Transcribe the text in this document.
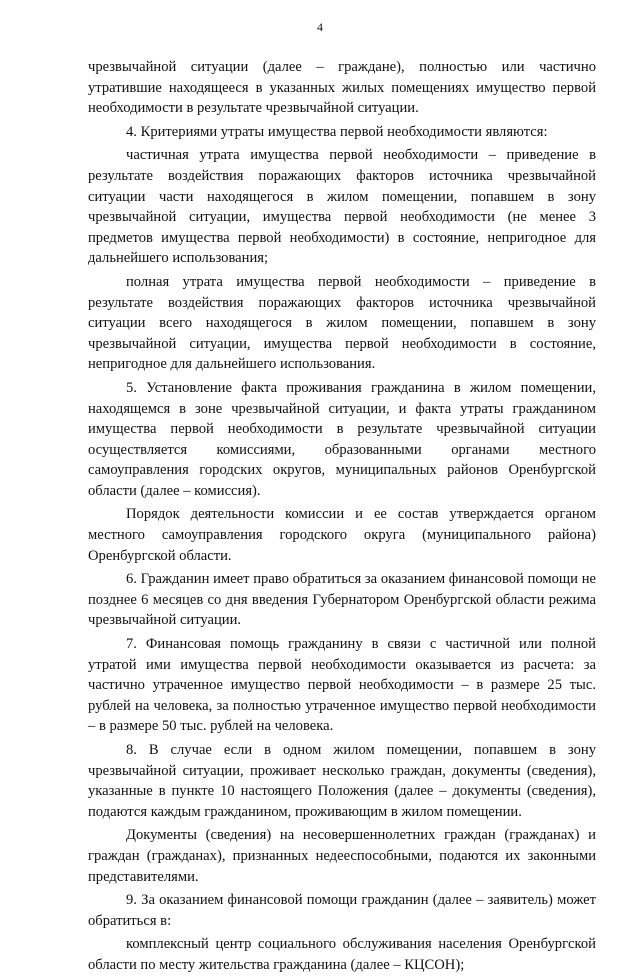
4

чрезвычайной ситуации (далее – граждане), полностью или частично утратившие находящееся в указанных жилых помещениях имущество первой необходимости в результате чрезвычайной ситуации.

4. Критериями утраты имущества первой необходимости являются:

частичная утрата имущества первой необходимости – приведение в результате воздействия поражающих факторов источника чрезвычайной ситуации части находящегося в жилом помещении, попавшем в зону чрезвычайной ситуации, имущества первой необходимости (не менее 3 предметов имущества первой необходимости) в состояние, непригодное для дальнейшего использования;

полная утрата имущества первой необходимости – приведение в результате воздействия поражающих факторов источника чрезвычайной ситуации всего находящегося в жилом помещении, попавшем в зону чрезвычайной ситуации, имущества первой необходимости в состояние, непригодное для дальнейшего использования.

5. Установление факта проживания гражданина в жилом помещении, находящемся в зоне чрезвычайной ситуации, и факта утраты гражданином имущества первой необходимости в результате чрезвычайной ситуации осуществляется комиссиями, образованными органами местного самоуправления городских округов, муниципальных районов Оренбургской области (далее – комиссия).

Порядок деятельности комиссии и ее состав утверждается органом местного самоуправления городского округа (муниципального района) Оренбургской области.

6. Гражданин имеет право обратиться за оказанием финансовой помощи не позднее 6 месяцев со дня введения Губернатором Оренбургской области режима чрезвычайной ситуации.

7. Финансовая помощь гражданину в связи с частичной или полной утратой ими имущества первой необходимости оказывается из расчета: за частично утраченное имущество первой необходимости – в размере 25 тыс. рублей на человека, за полностью утраченное имущество первой необходимости – в размере 50 тыс. рублей на человека.

8. В случае если в одном жилом помещении, попавшем в зону чрезвычайной ситуации, проживает несколько граждан, документы (сведения), указанные в пункте 10 настоящего Положения (далее – документы (сведения), подаются каждым гражданином, проживающим в жилом помещении.

Документы (сведения) на несовершеннолетних граждан (гражданах) и граждан (гражданах), признанных недееспособными, подаются их законными представителями.

9. За оказанием финансовой помощи гражданин (далее – заявитель) может обратиться в:

комплексный центр социального обслуживания населения Оренбургской области по месту жительства гражданина (далее – КЦСОН);
